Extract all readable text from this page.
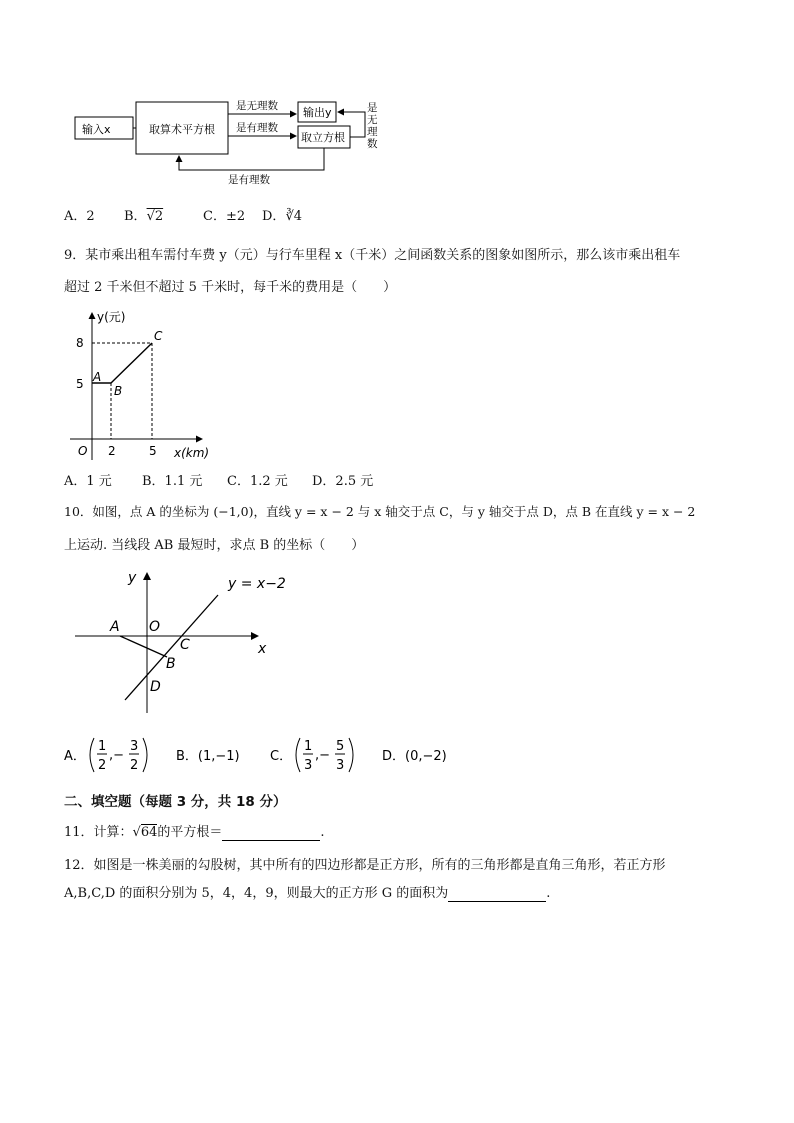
输入x	取算术平方根
是无理数
是有理数
输出y
取立方根
是
无
理
数
是有理数
A．2 B．√2	C．±2 D．∛4
9．某市乘出租车需付车费 y（元）与行车里程 x（千米）之间函数关系的图象如图所示，那么该市乘出租车
超过 2 千米但不超过 5 千米时，每千米的费用是（　　）
y(元)
x(km)
O
8
5
2	5
A
B
C
A．1 元 B．1.1 元 C．1.2 元 D．2.5 元
10．如图，点 A 的坐标为 (−1,0)，直线 y = x − 2 与 x 轴交于点 C，与 y 轴交于点 D，点 B 在直线 y = x − 2
上运动. 当线段 AB 最短时，求点 B 的坐标（　　）
y = x−2
y
x
O
A
B
C
D
A．
1
2
,−
3
2
B．(1,−1) C．
1
3
,−
5
3
D．(0,−2)
二、填空题（每题 3 分，共 18 分）
11．计算：√64的平方根＝	.
12．如图是一株美丽的勾股树，其中所有的四边形都是正方形，所有的三角形都是直角三角形，若正方形
A,B,C,D 的面积分别为 5，4，4，9，则最大的正方形 G 的面积为	.
